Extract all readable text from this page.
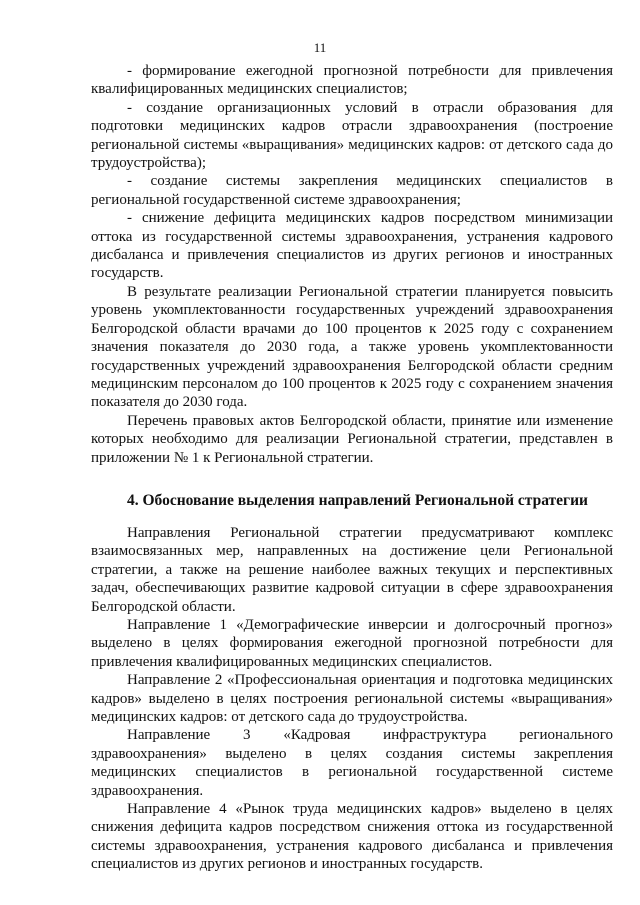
11

- формирование ежегодной прогнозной потребности для привлечения квалифицированных медицинских специалистов;

- создание организационных условий в отрасли образования для подготовки медицинских кадров отрасли здравоохранения (построение региональной системы «выращивания» медицинских кадров: от детского сада до трудоустройства);

- создание системы закрепления медицинских специалистов в региональной государственной системе здравоохранения;

- снижение дефицита медицинских кадров посредством минимизации оттока из государственной системы здравоохранения, устранения кадрового дисбаланса и привлечения специалистов из других регионов и иностранных государств.

В результате реализации Региональной стратегии планируется повысить уровень укомплектованности государственных учреждений здравоохранения Белгородской области врачами до 100 процентов к 2025 году с сохранением значения показателя до 2030 года, а также уровень укомплектованности государственных учреждений здравоохранения Белгородской области средним медицинским персоналом до 100 процентов к 2025 году с сохранением значения показателя до 2030 года.

Перечень правовых актов Белгородской области, принятие или изменение которых необходимо для реализации Региональной стратегии, представлен в приложении № 1 к Региональной стратегии.

4. Обоснование выделения направлений Региональной стратегии

Направления Региональной стратегии предусматривают комплекс взаимосвязанных мер, направленных на достижение цели Региональной стратегии, а также на решение наиболее важных текущих и перспективных задач, обеспечивающих развитие кадровой ситуации в сфере здравоохранения Белгородской области.

Направление 1 «Демографические инверсии и долгосрочный прогноз» выделено в целях формирования ежегодной прогнозной потребности для привлечения квалифицированных медицинских специалистов.

Направление 2 «Профессиональная ориентация и подготовка медицинских кадров» выделено в целях построения региональной системы «выращивания» медицинских кадров: от детского сада до трудоустройства.

Направление 3 «Кадровая инфраструктура регионального здравоохранения» выделено в целях создания системы закрепления медицинских специалистов в региональной государственной системе здравоохранения.

Направление 4 «Рынок труда медицинских кадров» выделено в целях снижения дефицита кадров посредством снижения оттока из государственной системы здравоохранения, устранения кадрового дисбаланса и привлечения специалистов из других регионов и иностранных государств.
